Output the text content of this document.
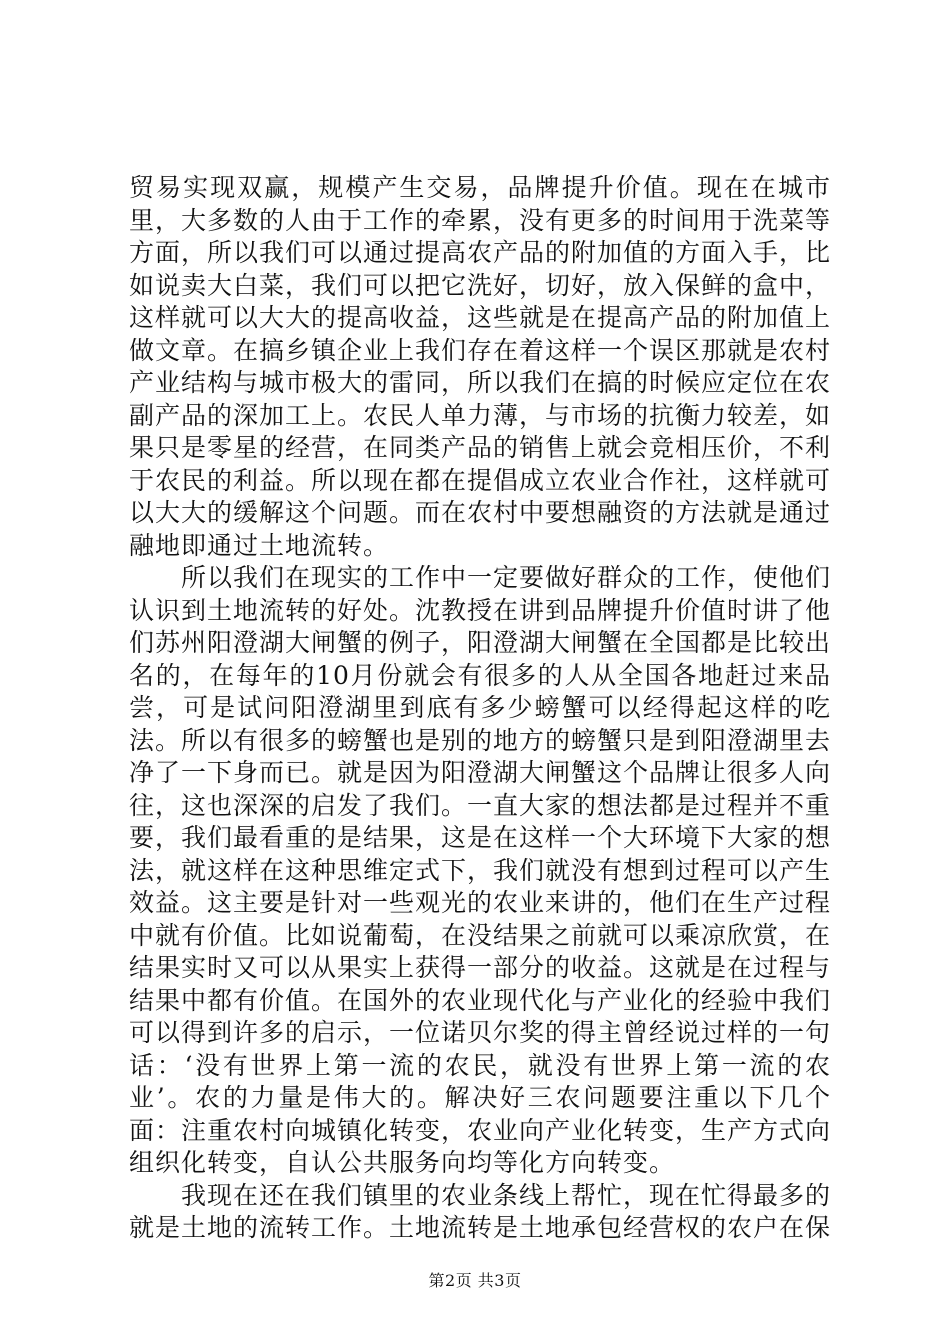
贸易实现双赢，规模产生交易，品牌提升价值。现在在城市里，大多数的人由于工作的牵累，没有更多的时间用于洗菜等方面，所以我们可以通过提高农产品的附加值的方面入手，比如说卖大白菜，我们可以把它洗好，切好，放入保鲜的盒中，这样就可以大大的提高收益，这些就是在提高产品的附加值上做文章。在搞乡镇企业上我们存在着这样一个误区那就是农村产业结构与城市极大的雷同，所以我们在搞的时候应定位在农副产品的深加工上。农民人单力薄，与市场的抗衡力较差，如果只是零星的经营，在同类产品的销售上就会竞相压价，不利于农民的利益。所以现在都在提倡成立农业合作社，这样就可以大大的缓解这个问题。而在农村中要想融资的方法就是通过融地即通过土地流转。

所以我们在现实的工作中一定要做好群众的工作，使他们认识到土地流转的好处。沈教授在讲到品牌提升价值时讲了他们苏州阳澄湖大闸蟹的例子，阳澄湖大闸蟹在全国都是比较出名的，在每年的10月份就会有很多的人从全国各地赶过来品尝，可是试问阳澄湖里到底有多少螃蟹可以经得起这样的吃法。所以有很多的螃蟹也是别的地方的螃蟹只是到阳澄湖里去净了一下身而已。就是因为阳澄湖大闸蟹这个品牌让很多人向往，这也深深的启发了我们。一直大家的想法都是过程并不重要，我们最看重的是结果，这是在这样一个大环境下大家的想法，就这样在这种思维定式下，我们就没有想到过程可以产生效益。这主要是针对一些观光的农业来讲的，他们在生产过程中就有价值。比如说葡萄，在没结果之前就可以乘凉欣赏，在结果实时又可以从果实上获得一部分的收益。这就是在过程与结果中都有价值。在国外的农业现代化与产业化的经验中我们可以得到许多的启示，一位诺贝尔奖的得主曾经说过样的一句话：‘没有世界上第一流的农民，就没有世界上第一流的农业’。农的力量是伟大的。解决好三农问题要注重以下几个面：注重农村向城镇化转变，农业向产业化转变，生产方式向组织化转变，自认公共服务向均等化方向转变。

我现在还在我们镇里的农业条线上帮忙，现在忙得最多的就是土地的流转工作。土地流转是土地承包经营权的农户在保

第2页 共3页
